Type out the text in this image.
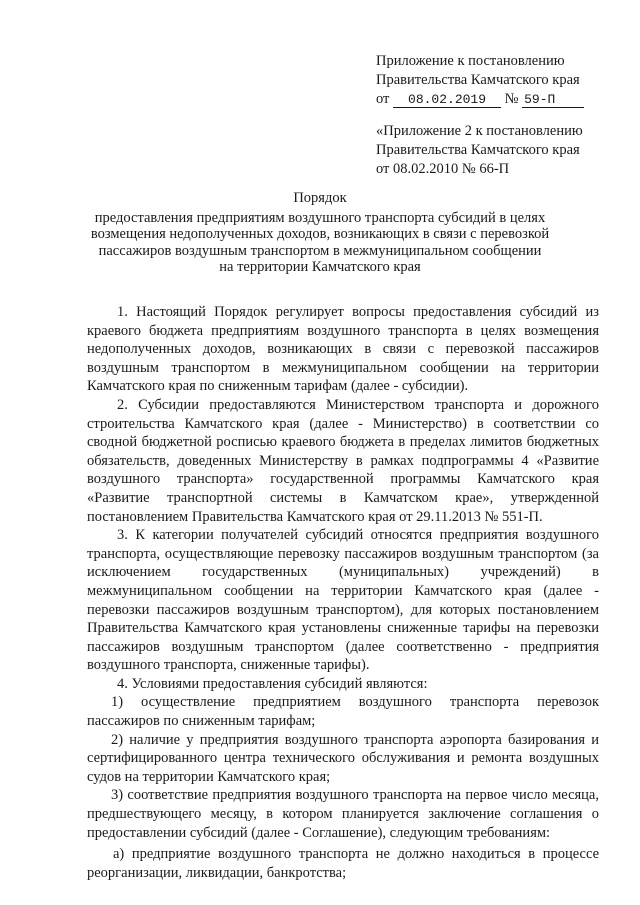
Приложение к постановлению
Правительства Камчатского края
от 08.02.2019 № 59-П
«Приложение 2 к постановлению
Правительства Камчатского края
от 08.02.2010 № 66-П
Порядок
предоставления предприятиям воздушного транспорта субсидий в целях
возмещения недополученных доходов, возникающих в связи с перевозкой
пассажиров воздушным транспортом в межмуниципальном сообщении
на территории Камчатского края

1. Настоящий Порядок регулирует вопросы предоставления субсидий из краевого бюджета предприятиям воздушного транспорта в целях возмещения недополученных доходов, возникающих в связи с перевозкой пассажиров воздушным транспортом в межмуниципальном сообщении на территории Камчатского края по сниженным тарифам (далее - субсидии).

2. Субсидии предоставляются Министерством транспорта и дорожного строительства Камчатского края (далее - Министерство) в соответствии со сводной бюджетной росписью краевого бюджета в пределах лимитов бюджетных обязательств, доведенных Министерству в рамках подпрограммы 4 «Развитие воздушного транспорта» государственной программы Камчатского края «Развитие транспортной системы в Камчатском крае», утвержденной постановлением Правительства Камчатского края от 29.11.2013 № 551-П.

3. К категории получателей субсидий относятся предприятия воздушного транспорта, осуществляющие перевозку пассажиров воздушным транспортом (за исключением государственных (муниципальных) учреждений) в межмуниципальном сообщении на территории Камчатского края (далее - перевозки пассажиров воздушным транспортом), для которых постановлением Правительства Камчатского края установлены сниженные тарифы на перевозки пассажиров воздушным транспортом (далее соответственно - предприятия воздушного транспорта, сниженные тарифы).

4. Условиями предоставления субсидий являются:

1) осуществление предприятием воздушного транспорта перевозок пассажиров по сниженным тарифам;

2) наличие у предприятия воздушного транспорта аэропорта базирования и сертифицированного центра технического обслуживания и ремонта воздушных судов на территории Камчатского края;

3) соответствие предприятия воздушного транспорта на первое число месяца, предшествующего месяцу, в котором планируется заключение соглашения о предоставлении субсидий (далее - Соглашение), следующим требованиям:

а) предприятие воздушного транспорта не должно находиться в процессе реорганизации, ликвидации, банкротства;
